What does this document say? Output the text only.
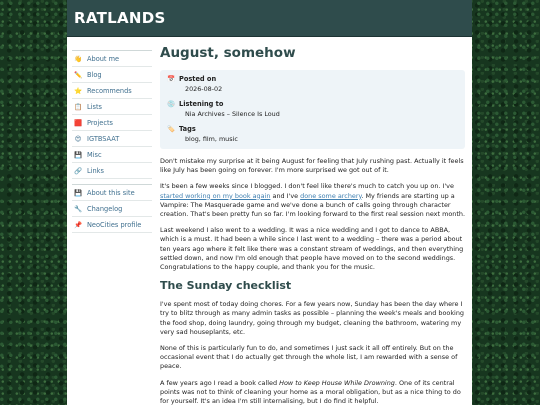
RATLANDS
👋 About me
✏️ Blog
⭐ Recommends
📋 Lists
🟥 Projects
😍 IGTBSAAT
💾 Misc
🔗 Links
💾 About this site
🔧 Changelog
📌 NeoCities profile
August, somehow
📅 Posted on
2026-08-02
💿 Listening to
Nia Archives – Silence Is Loud
🏷️ Tags
blog, film, music

Don't mistake my surprise at it being August for feeling that July rushing past. Actually it feels like July has been going on forever. I'm more surprised we got out of it.

It's been a few weeks since I blogged. I don't feel like there's much to catch you up on. I've started working on my book again and I've done some archery. My friends are starting up a Vampire: The Masquerade game and we've done a bunch of calls going through character creation. That's been pretty fun so far. I'm looking forward to the first real session next month.

Last weekend I also went to a wedding. It was a nice wedding and I got to dance to ABBA, which is a must. It had been a while since I last went to a wedding – there was a period about ten years ago where it felt like there was a constant stream of weddings, and then everything settled down, and now I'm old enough that people have moved on to the second weddings. Congratulations to the happy couple, and thank you for the music.

The Sunday checklist

I've spent most of today doing chores. For a few years now, Sunday has been the day where I try to blitz through as many admin tasks as possible – planning the week's meals and booking the food shop, doing laundry, going through my budget, cleaning the bathroom, watering my very sad houseplants, etc.

None of this is particularly fun to do, and sometimes I just sack it all off entirely. But on the occasional event that I do actually get through the whole list, I am rewarded with a sense of peace.

A few years ago I read a book called How to Keep House While Drowning. One of its central points was not to think of cleaning your home as a moral obligation, but as a nice thing to do for yourself. It's an idea I'm still internalising, but I do find it helpful.
